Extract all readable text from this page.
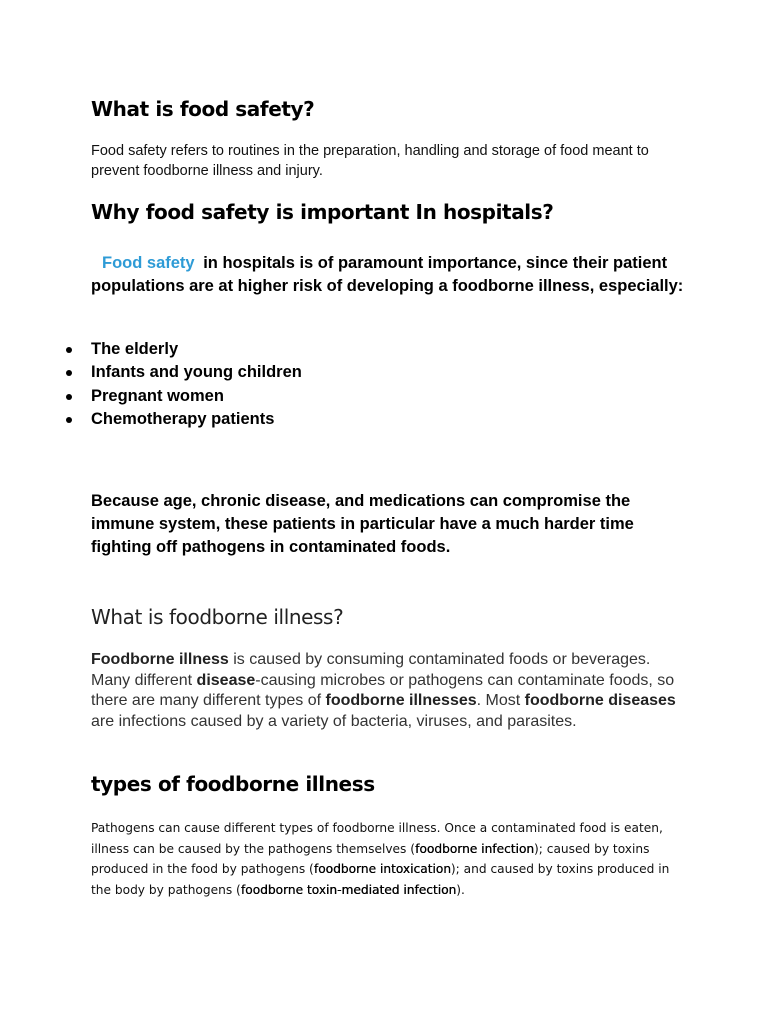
What is food safety?

Food safety refers to routines in the preparation, handling and storage of food meant to prevent foodborne illness and injury.

Why food safety is important In hospitals?

Food safety in hospitals is of paramount importance, since their patient populations are at higher risk of developing a foodborne illness, especially:

The elderly
Infants and young children
Pregnant women
Chemotherapy patients

Because age, chronic disease, and medications can compromise the immune system, these patients in particular have a much harder time fighting off pathogens in contaminated foods.

What is foodborne illness?

Foodborne illness is caused by consuming contaminated foods or beverages. Many different disease-causing microbes or pathogens can contaminate foods, so there are many different types of foodborne illnesses. Most foodborne diseases are infections caused by a variety of bacteria, viruses, and parasites.

types of foodborne illness

Pathogens can cause different types of foodborne illness. Once a contaminated food is eaten, illness can be caused by the pathogens themselves (foodborne infection); caused by toxins produced in the food by pathogens (foodborne intoxication); and caused by toxins produced in the body by pathogens (foodborne toxin-mediated infection).
